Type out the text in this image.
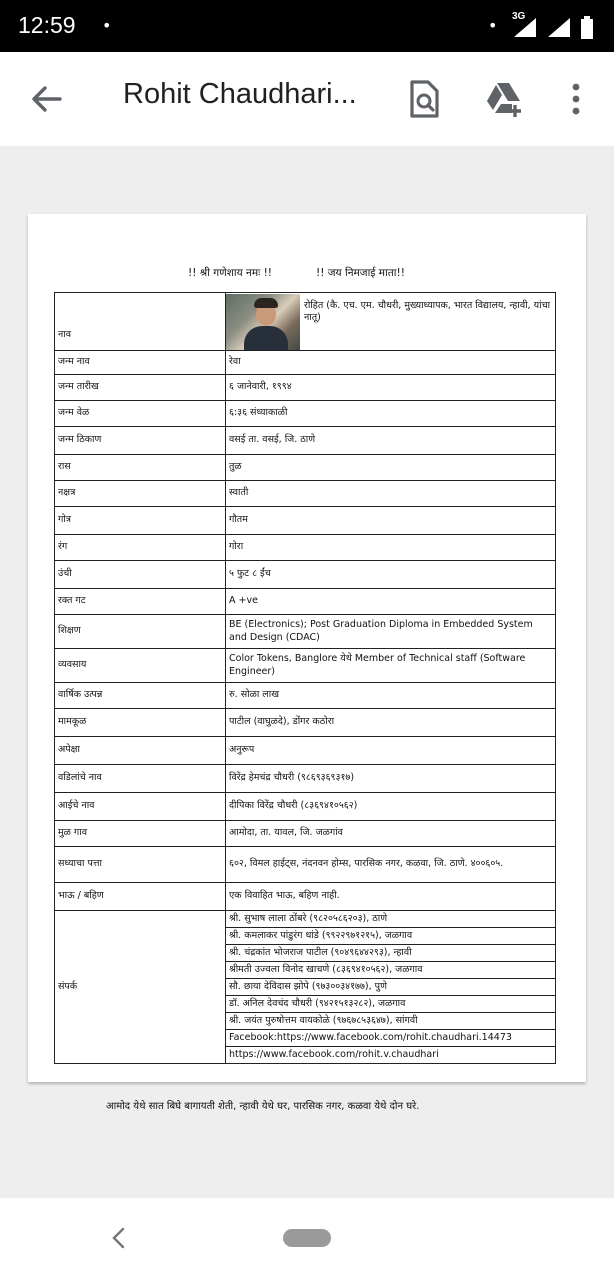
12:59 •	• 3G
Rohit Chaudhari...
!! श्री गणेशाय नमः !!	!! जय निमजाई माता!!
नाव	रोहित (कै. एच. एम. चौधरी, मुख्याध्यापक, भारत विद्यालय, न्हावी, यांचा नातू)

जन्म नाव	रेवा
जन्म तारीख	६ जानेवारी, १९९४
जन्म वेळ	६:३६ संध्याकाळी
जन्म ठिकाण	वसई ता. वसई, जि. ठाणे
रास	तुळ
नक्षत्र	स्वाती
गोत्र	गौतम
रंग	गोरा
उंची	५ फुट ८ ईंच
रक्त गट	A +ve
शिक्षण	BE (Electronics); Post Graduation Diploma in Embedded System and Design (CDAC)
व्यवसाय	Color Tokens, Banglore येथे Member of Technical staff (Software Engineer)
वार्षिक उत्पन्न	रु. सोळा लाख
मामकूळ	पाटील (वाघुळदे), डोंगर कठोरा
अपेक्षा	अनुरूप
वडिलांचे नाव	विरेंद्र हेमचंद्र चौधरी (९८६९३६९३१७)
आईचे नाव	दीपिका विरेंद्र चौधरी (८३६९४१०५६२)
मुळ गाव	आमोदा, ता. यावल, जि. जळगांव
सध्याचा पत्ता	६०२, विमल हाईट्स, नंदनवन होम्स, पारसिक नगर, कळवा, जि. ठाणे. ४००६०५.
भाऊ / बहिण	एक विवाहित भाऊ, बहिण नाही.
संपर्क	श्री. सुभाष लाला ठोंबरे (९८२०५८६२०३), ठाणे
	श्री. कमलाकर पांडुरंग धांडे (९९२२९७१२१५), जळगाव
	श्री. चंद्रकांत भोजराज पाटील (९०४९६४४२९३), न्हावी
	श्रीमती उज्वला विनोद खाचणे (८३६९४१०५६२), जळगाव
	सौ. छाया देविदास झोपे (९७३००३४१७७), पुणे
	डॉ. अनिल देवचंद चौधरी (९४२१५१३२८२), जळगाव
	श्री. जयंत पुरुषोत्तम वायकोळे (९७६७८५३६४७), सांगवी
	Facebook:https://www.facebook.com/rohit.chaudhari.14473
	https://www.facebook.com/rohit.v.chaudhari
आमोद येथे सात बिघे बागायती शेती, न्हावी येथे घर, पारसिक नगर, कळवा येथे दोन घरे.
